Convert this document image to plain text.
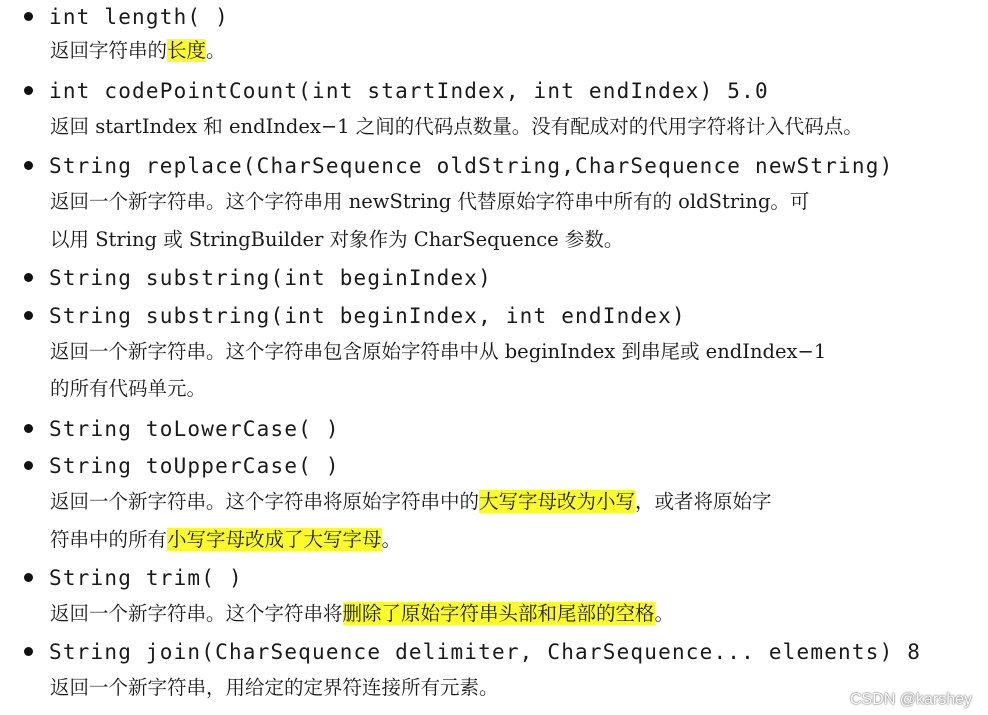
int length( )
返回字符串的长度。
int codePointCount(int startIndex, int endIndex) 5.0
返回 startIndex 和 endIndex−1 之间的代码点数量。没有配成对的代用字符将计入代码点。
String replace(CharSequence oldString,CharSequence newString)
返回一个新字符串。这个字符串用 newString 代替原始字符串中所有的 oldString。可
以用 String 或 StringBuilder 对象作为 CharSequence 参数。
String substring(int beginIndex)
String substring(int beginIndex, int endIndex)
返回一个新字符串。这个字符串包含原始字符串中从 beginIndex 到串尾或 endIndex−1
的所有代码单元。
String toLowerCase( )
String toUpperCase( )
返回一个新字符串。这个字符串将原始字符串中的大写字母改为小写，或者将原始字
符串中的所有小写字母改成了大写字母。
String trim( )
返回一个新字符串。这个字符串将删除了原始字符串头部和尾部的空格。
String join(CharSequence delimiter, CharSequence... elements) 8
返回一个新字符串，用给定的定界符连接所有元素。
CSDN @karshey
